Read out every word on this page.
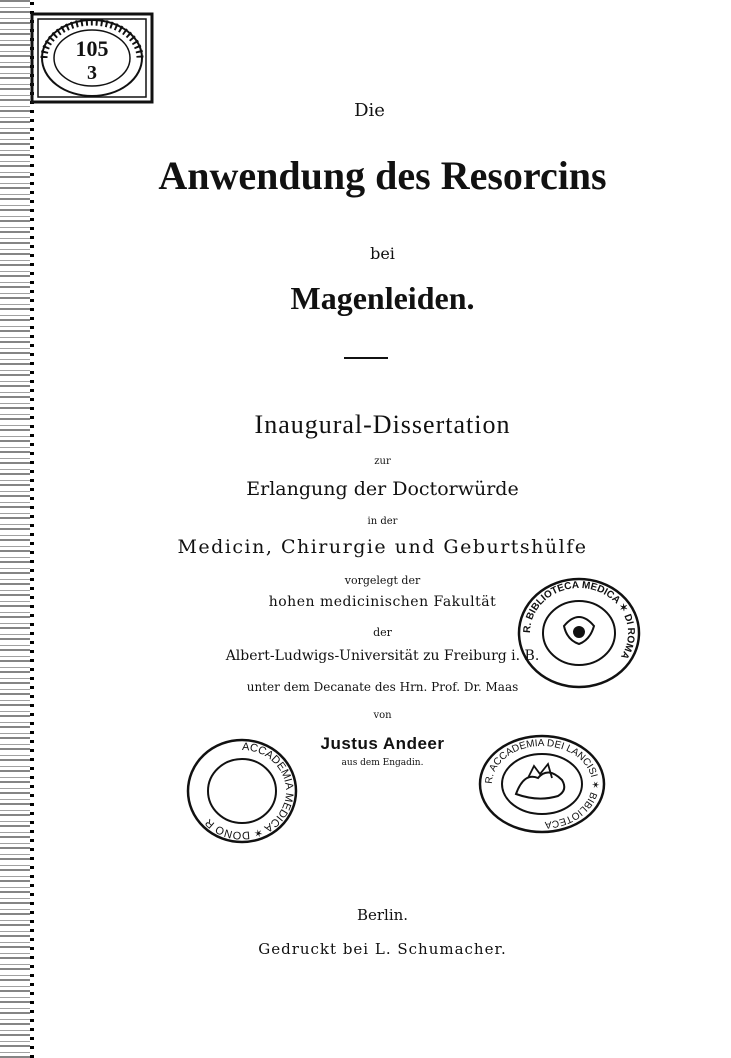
105
3
Die
Anwendung des Resorcins
bei
Magenleiden.
Inaugural-Dissertation
zur
Erlangung der Doctorwürde
in der
Medicin, Chirurgie und Geburtshülfe
vorgelegt der
hohen medicinischen Fakultät
der
Albert-Ludwigs-Universität zu Freiburg i. B.
unter dem Decanate des Hrn. Prof. Dr. Maas
von
Justus Andeer
aus dem Engadin.
Berlin.
Gedruckt bei L. Schumacher.
R. BIBLIOTECA MEDICA ✶ DI ROMA
ACCADEMIA MEDICA ✶ DONO R
R. ACCADEMIA DEI LANCISI ✶ BIBLIOTECA
